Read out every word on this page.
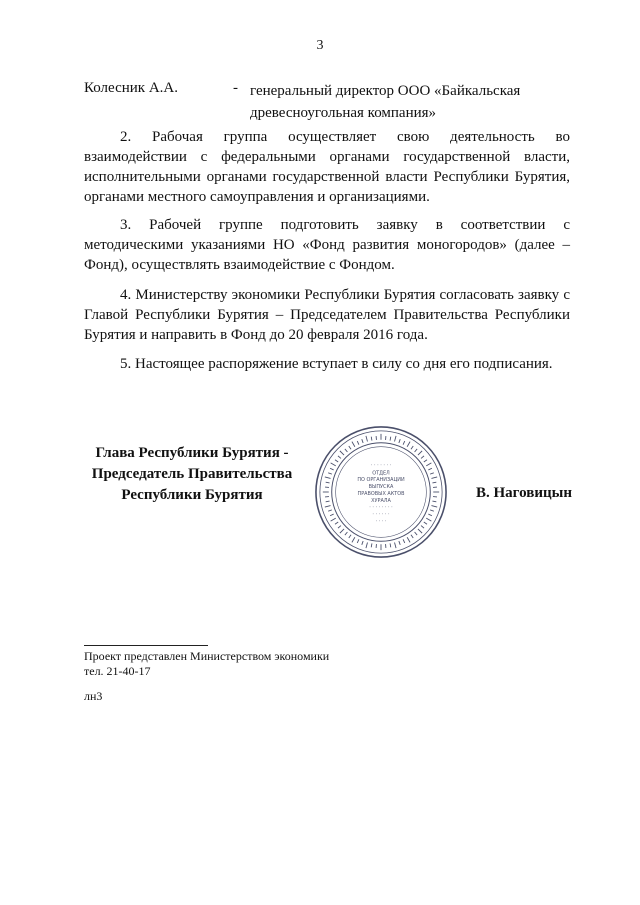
3
Колесник А.А.	- генеральный директор ООО «Байкальская древесноугольная компания»

2. Рабочая группа осуществляет свою деятельность во взаимодействии с федеральными органами государственной власти, исполнительными органами государственной власти Республики Бурятия, органами местного самоуправления и организациями.

3. Рабочей группе подготовить заявку в соответствии с методическими указаниями НО «Фонд развития моногородов» (далее – Фонд), осуществлять взаимодействие с Фондом.

4. Министерству экономики Республики Бурятия согласовать заявку с Главой Республики Бурятия – Председателем Правительства Республики Бурятия и направить в Фонд до 20 февраля 2016 года.

5. Настоящее распоряжение вступает в силу со дня его подписания.

Глава Республики Бурятия -
Председатель Правительства
Республики Бурятия
· · · · · · ·
ОТДЕЛ
ПО ОРГАНИЗАЦИИ
ВЫПУСКА
ПРАВОВЫХ АКТОВ
ХУРАЛА
· · · · · · · ·
· · · · · ·
· · · ·
В. Наговицын
Проект представлен Министерством экономики
тел. 21-40-17
лн3
